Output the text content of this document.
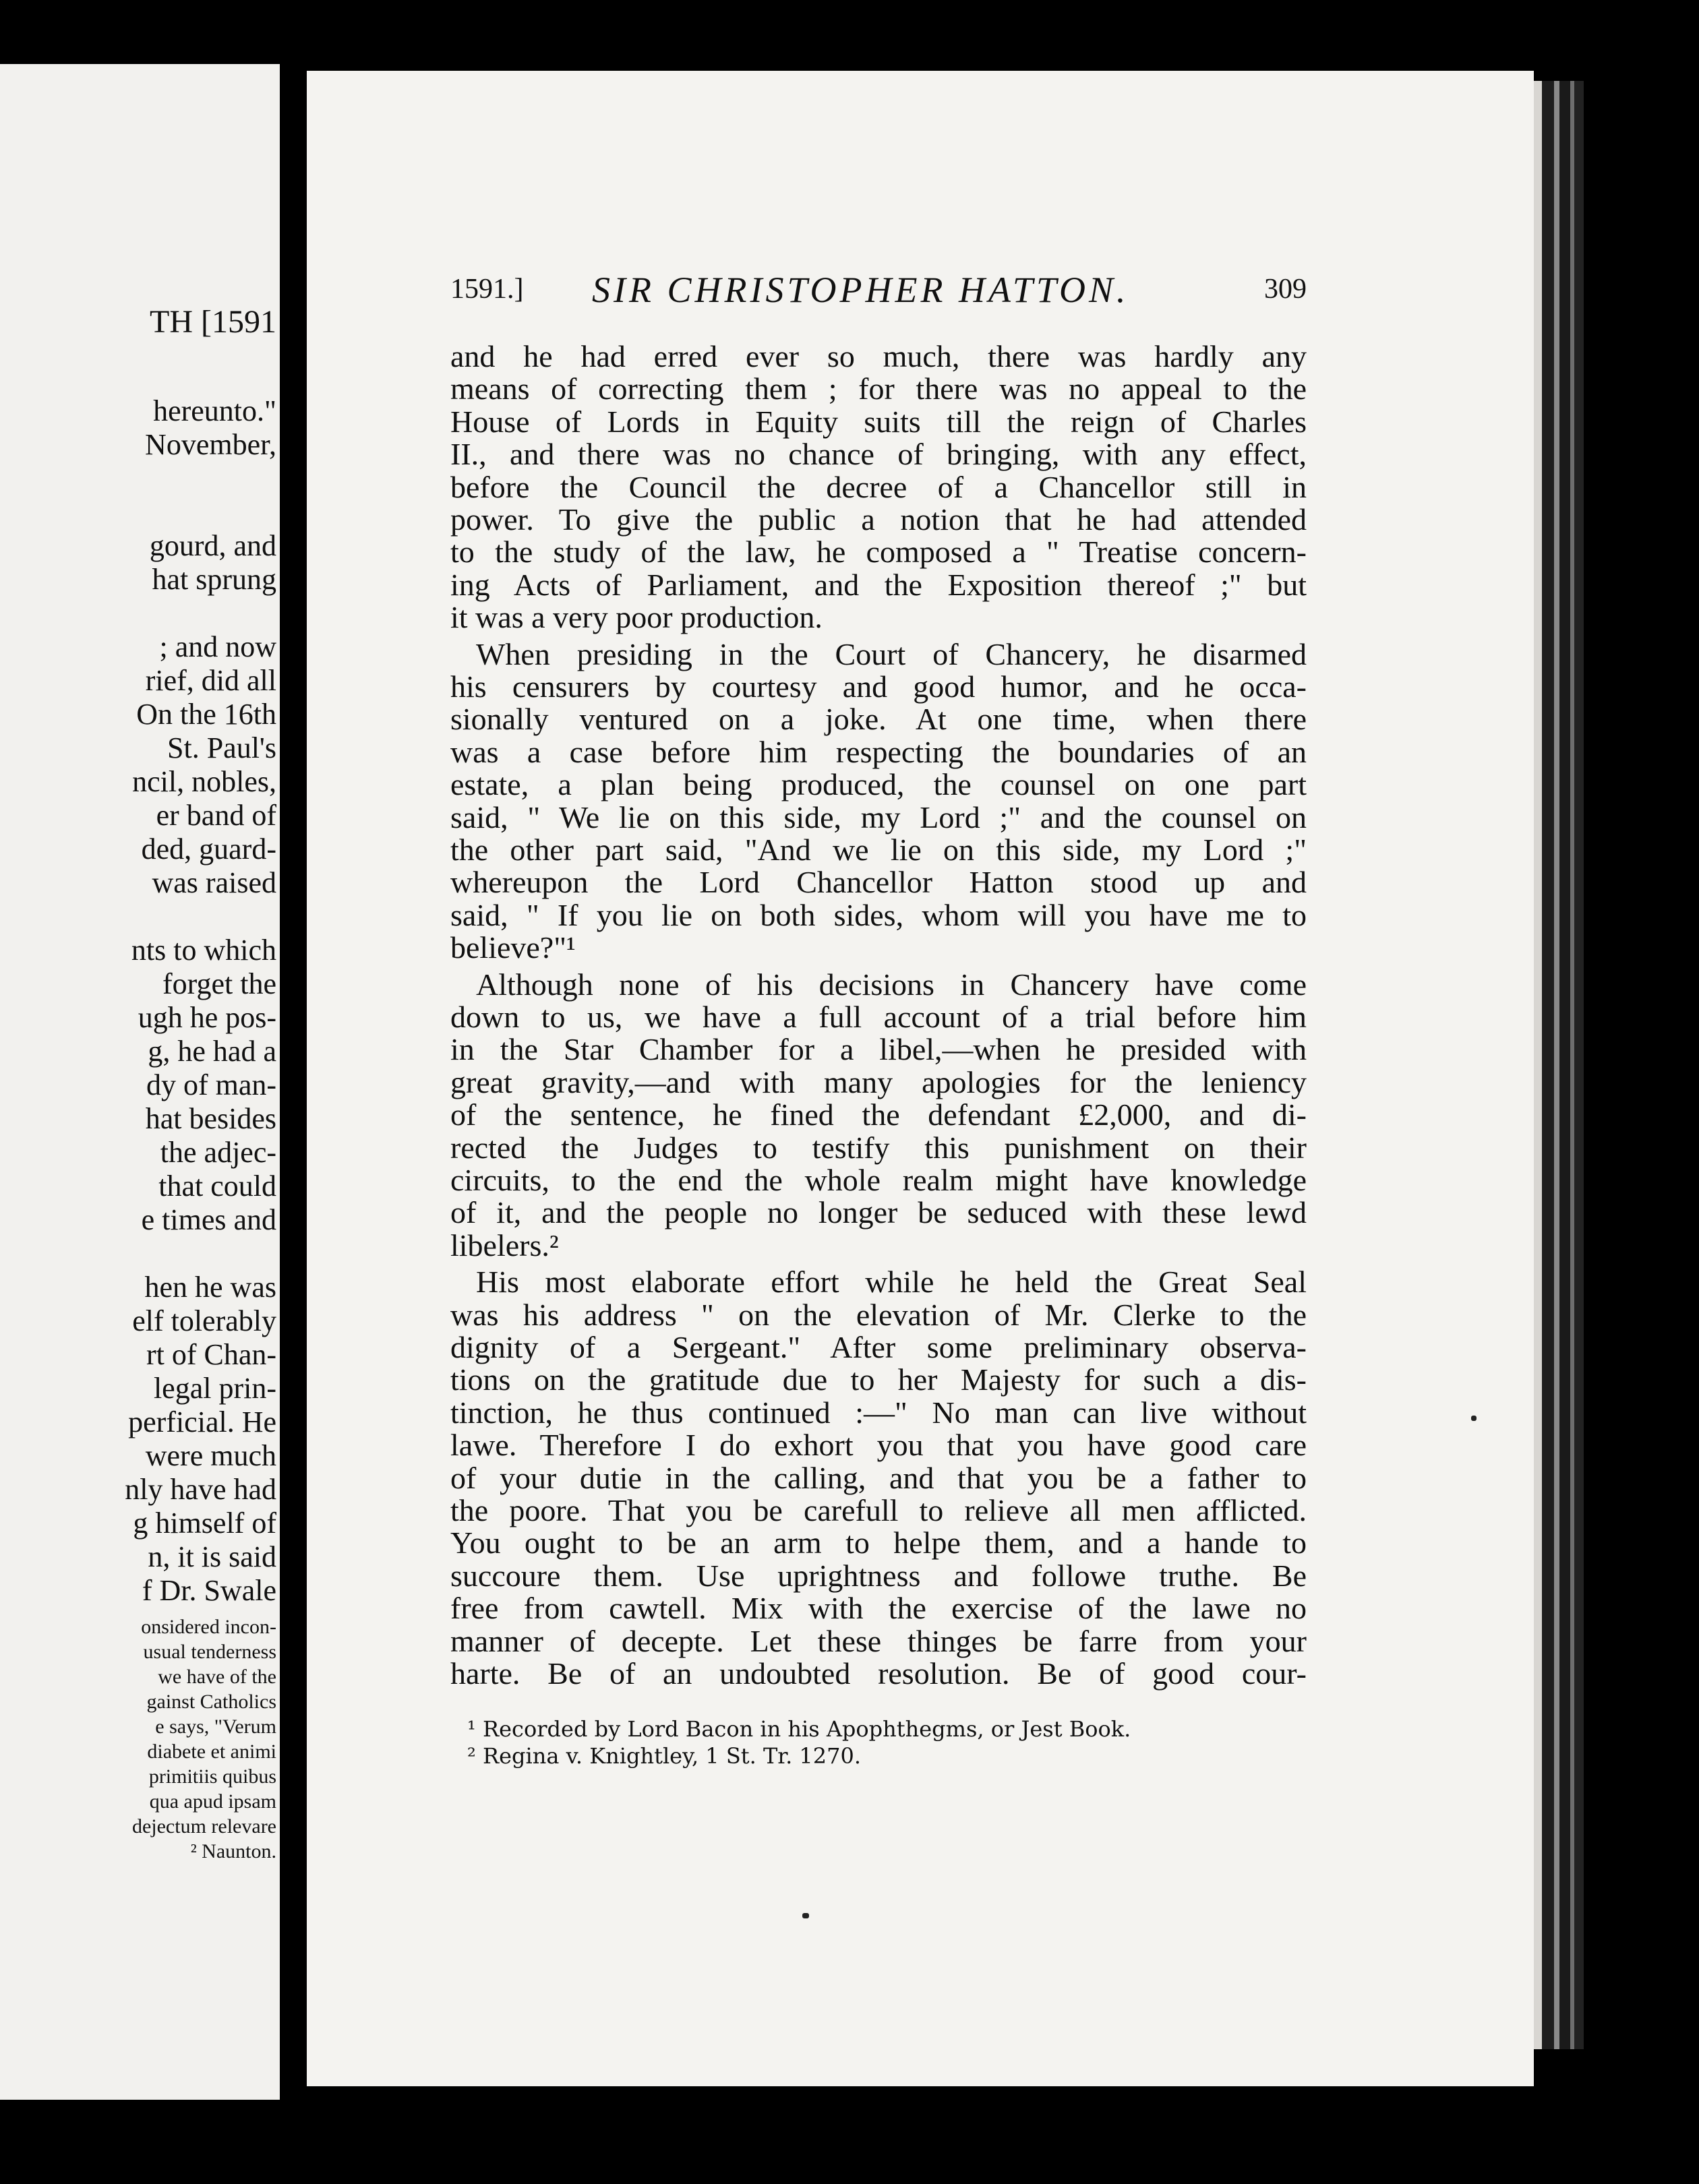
TH [1591
hereunto."
November,
gourd, and
hat sprung
; and now
rief, did all
On the 16th
St. Paul's
ncil, nobles,
er band of
ded, guard-
was raised
nts to which
forget the
ugh he pos-
g, he had a
dy of man-
hat besides
the adjec-
that could
e times and
hen he was
elf tolerably
rt of Chan-
legal prin-
perficial. He
were much
nly have had
g himself of
n, it is said
f Dr. Swale
onsidered incon-
usual tenderness
we have of the
gainst Catholics
e says, "Verum
diabete et animi
primitiis quibus
qua apud ipsam
dejectum relevare
² Naunton.
1591.] SIR CHRISTOPHER HATTON.	309
and he had erred ever so much, there was hardly any
means of correcting them ; for there was no appeal to the
House of Lords in Equity suits till the reign of Charles
II., and there was no chance of bringing, with any effect,
before the Council the decree of a Chancellor still in
power. To give the public a notion that he had attended
to the study of the law, he composed a " Treatise concern-
ing Acts of Parliament, and the Exposition thereof ;" but
it was a very poor production.
When presiding in the Court of Chancery, he disarmed
his censurers by courtesy and good humor, and he occa-
sionally ventured on a joke. At one time, when there
was a case before him respecting the boundaries of an
estate, a plan being produced, the counsel on one part
said, " We lie on this side, my Lord ;" and the counsel on
the other part said, "And we lie on this side, my Lord ;"
whereupon the Lord Chancellor Hatton stood up and
said, " If you lie on both sides, whom will you have me to
believe?"¹
Although none of his decisions in Chancery have come
down to us, we have a full account of a trial before him
in the Star Chamber for a libel,—when he presided with
great gravity,—and with many apologies for the leniency
of the sentence, he fined the defendant £2,000, and di-
rected the Judges to testify this punishment on their
circuits, to the end the whole realm might have knowledge
of it, and the people no longer be seduced with these lewd
libelers.²
His most elaborate effort while he held the Great Seal
was his address " on the elevation of Mr. Clerke to the
dignity of a Sergeant." After some preliminary observa-
tions on the gratitude due to her Majesty for such a dis-
tinction, he thus continued :—" No man can live without
lawe. Therefore I do exhort you that you have good care
of your dutie in the calling, and that you be a father to
the poore. That you be carefull to relieve all men afflicted.
You ought to be an arm to helpe them, and a hande to
succoure them. Use uprightness and followe truthe. Be
free from cawtell. Mix with the exercise of the lawe no
manner of decepte. Let these thinges be farre from your
harte. Be of an undoubted resolution. Be of good cour-
¹ Recorded by Lord Bacon in his Apophthegms, or Jest Book.
² Regina v. Knightley, 1 St. Tr. 1270.
